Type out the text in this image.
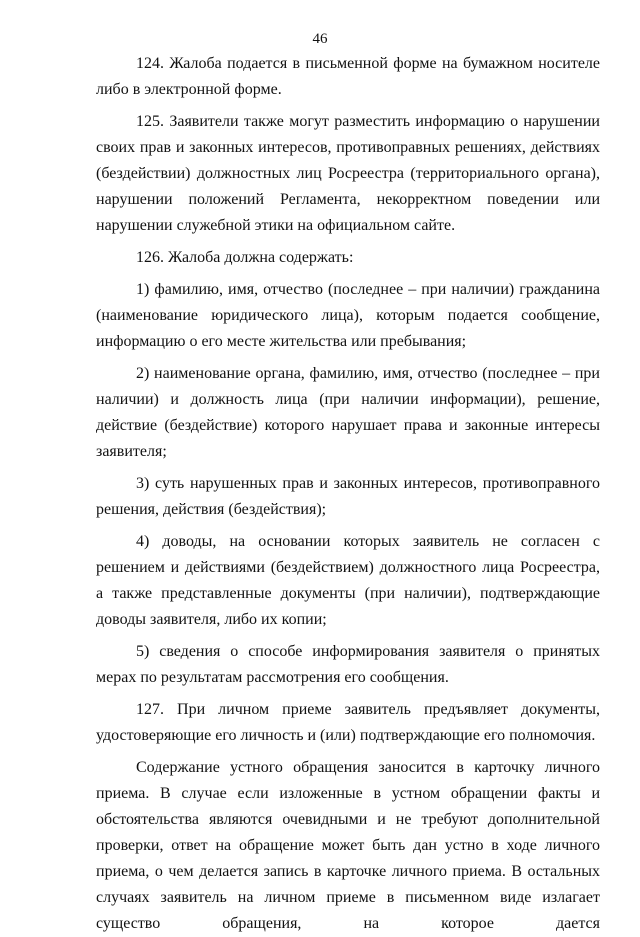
46

124. Жалоба подается в письменной форме на бумажном носителе либо в электронной форме.

125. Заявители также могут разместить информацию о нарушении своих прав и законных интересов, противоправных решениях, действиях (бездействии) должностных лиц Росреестра (территориального органа), нарушении положений Регламента, некорректном поведении или нарушении служебной этики на официальном сайте.

126. Жалоба должна содержать:

1) фамилию, имя, отчество (последнее – при наличии) гражданина (наименование юридического лица), которым подается сообщение, информацию о его месте жительства или пребывания;

2) наименование органа, фамилию, имя, отчество (последнее – при наличии) и должность лица (при наличии информации), решение, действие (бездействие) которого нарушает права и законные интересы заявителя;

3) суть нарушенных прав и законных интересов, противоправного решения, действия (бездействия);

4) доводы, на основании которых заявитель не согласен с решением и действиями (бездействием) должностного лица Росреестра, а также представленные документы (при наличии), подтверждающие доводы заявителя, либо их копии;

5) сведения о способе информирования заявителя о принятых мерах по результатам рассмотрения его сообщения.

127. При личном приеме заявитель предъявляет документы, удостоверяющие его личность и (или) подтверждающие его полномочия.

Содержание устного обращения заносится в карточку личного приема. В случае если изложенные в устном обращении факты и обстоятельства являются очевидными и не требуют дополнительной проверки, ответ на обращение может быть дан устно в ходе личного приема, о чем делается запись в карточке личного приема. В остальных случаях заявитель на личном приеме в письменном виде излагает существо обращения, на которое дается
